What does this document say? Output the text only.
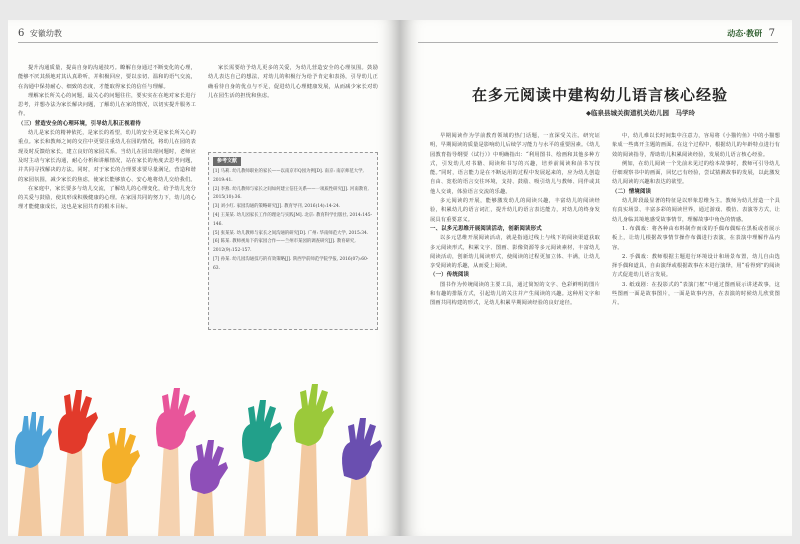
6 安徽幼教

提升沟通质量，提高自身的沟通技巧。瞭解自身通过不断变化的心理，能够不厌其烦地对其认真聆听，并积极回应，要以亲切、温和的语气交流，在沟通中保持耐心、细致的态度，才能取得家长的信任与理解。

理解家长所关心的问题，最关心的问题往往，要实实在在地对家长进行思考，并想办法为家长解决问题，了解幼儿在家的情况，以切实提升服务工作。

（三）营造安全的心理环境，引导幼儿积正视看待

幼儿是家长的精神依托，是家长的希望，幼儿的安全更是家长所关心的重点。家长和教师之间的交往中更要注重幼儿在园的情况，将幼儿在园的表现及时反馈给家长，建立良好的家园关系。当幼儿在园出现问题时，老师应及时主动与家长沟通，耐心分析和讲解情况，站在家长的角度去思考问题，并共同寻找解决的方法。同时，对于家长的合理要求要尽量满足，营造和谐的家园氛围，减少家长的焦虑，使家长能够放心、安心地将幼儿交给我们。

在家庭中，家长要多与幼儿交流，了解幼儿的心理变化，给予幼儿充分的关爱与鼓励，使其形成积极健康的心理。在家园共同的努力下，幼儿的心理才能健康成长，这也是家园共育的根本目标。

家长需要给予幼儿更多的关爱，为幼儿营造安全的心理氛围。鼓励幼儿表达自己的想法，对幼儿的积极行为给予肯定和表扬，引导幼儿正确看待自身的优点与不足，促进幼儿心理健康发展，从而减少家长对幼儿在园生活的担忧和焦虑。

参考文献
[1] 马莉. 幼儿教师职业的家长——以南京市Q园为例[D]. 南京: 南京师范大学, 2019:41.
[2] 李燕. 幼儿教师与家长之间如何建立信任关系——一项质性研究[J]. 河南教育, 2015(10):36.
[3] 刘小红. 家园沟通的策略研究[J]. 教育导刊, 2016(14):14-24.
[4] 王某某. 幼儿园家长工作的理论与实践[M]. 北京: 教育科学出版社, 2014:145-146.
[5] 张某某. 幼儿教师与家长之间沟通的研究[D]. 广州: 华南师范大学, 2015:34.
[6] 陈某. 教师视角下的家园合作——兰州市某园的调查研究[J]. 教育研究, 2012(9):152-157.
[7] 孙某. 幼儿园沟通技巧的有效策略[J]. 陕西学前师范学院学报, 2016(07):60-63.
动态·教研 7
在多元阅读中建构幼儿语言核心经验
◆临泉县城关街道机关幼儿园　马学玲

早期阅读作为学前教育领域的热门话题，一直深受关注。研究证明，早期阅读的质量是影响幼儿后续学习能力与水平的重要因素。《幼儿园教育指导纲要（试行）》中明确指出：“利用图书、绘画和其他多种方式，引发幼儿对书籍、阅读和书写的兴趣，培养前阅读和前书写技能。”同时，语言能力是在不断运用的过程中发展起来的，应为幼儿创造自由、宽松的语言交往环境，支持、鼓励、吸引幼儿与教师、同伴或其他人交谈，体验语言交流的乐趣。

多元阅读的开展，能够激发幼儿的阅读兴趣，丰富幼儿的阅读经验，积累幼儿的语言词汇，提升幼儿的语言表达能力，对幼儿的终身发展具有重要意义。

一、以多元思维开展阅读活动，创新阅读形式

以多元思维开展阅读活动，就是指通过线上与线下的阅读渠道获取多元阅读形式，积累文字、图画、影像资源等多元阅读素材，丰富幼儿阅读活动，创新幼儿阅读形式，使阅读的过程更加立体、丰满，让幼儿享受阅读的乐趣，从而爱上阅读。

（一）传统阅读

图书作为传统阅读的主要工具，通过简短的文字、色彩鲜明的图片和有趣的排版方式，引起幼儿的关注并产生阅读的兴趣。这种用文字和图画共同构建的形式，足幼儿积累早期阅读经验的良好途径。

中，幼儿难以长时间集中注意力，容易将《小猫钓鱼》中的小猫想象成一些离开主题的画面。在这个过程中，根据幼儿的年龄特点进行有效的阅读指导，帮助幼儿积累阅读经验，发展幼儿语言核心经验。

例如，在幼儿阅读一个先前未见过的绘本故事时，教师可引导幼儿仔细观察书中的画面，回忆已有经验，尝试猜测故事的发展，以此激发幼儿阅读的兴趣和表达的欲望。

（二）情境阅读

幼儿阶段最显著的特征是以形象思维为主。教师为幼儿营造一个具有真实场景、丰富多彩的阅读世界，通过游戏、模仿、表演等方式，让幼儿身临其境地感受故事情节，理解故事中角色的情感。

1. 布偶戏：将各种由布料制作而成的手偶布偶贴在黑板或者展示板上，让幼儿根据故事情节操作布偶进行表演，在表演中理解作品内容。

2. 手偶戏：教师根据主题进行环境设计和场景布置，幼儿自由选择手偶和道具，自由演绎或根据故事在本进行演绎，用“看得到”的阅读方式促进幼儿语言发展。

3. 纸戏剧：在投影式的“表演门框”中通过图画展示讲述故事，这些图画一面是故事图片，一面是故事内容，在表演的时候幼儿欣赏图片。
